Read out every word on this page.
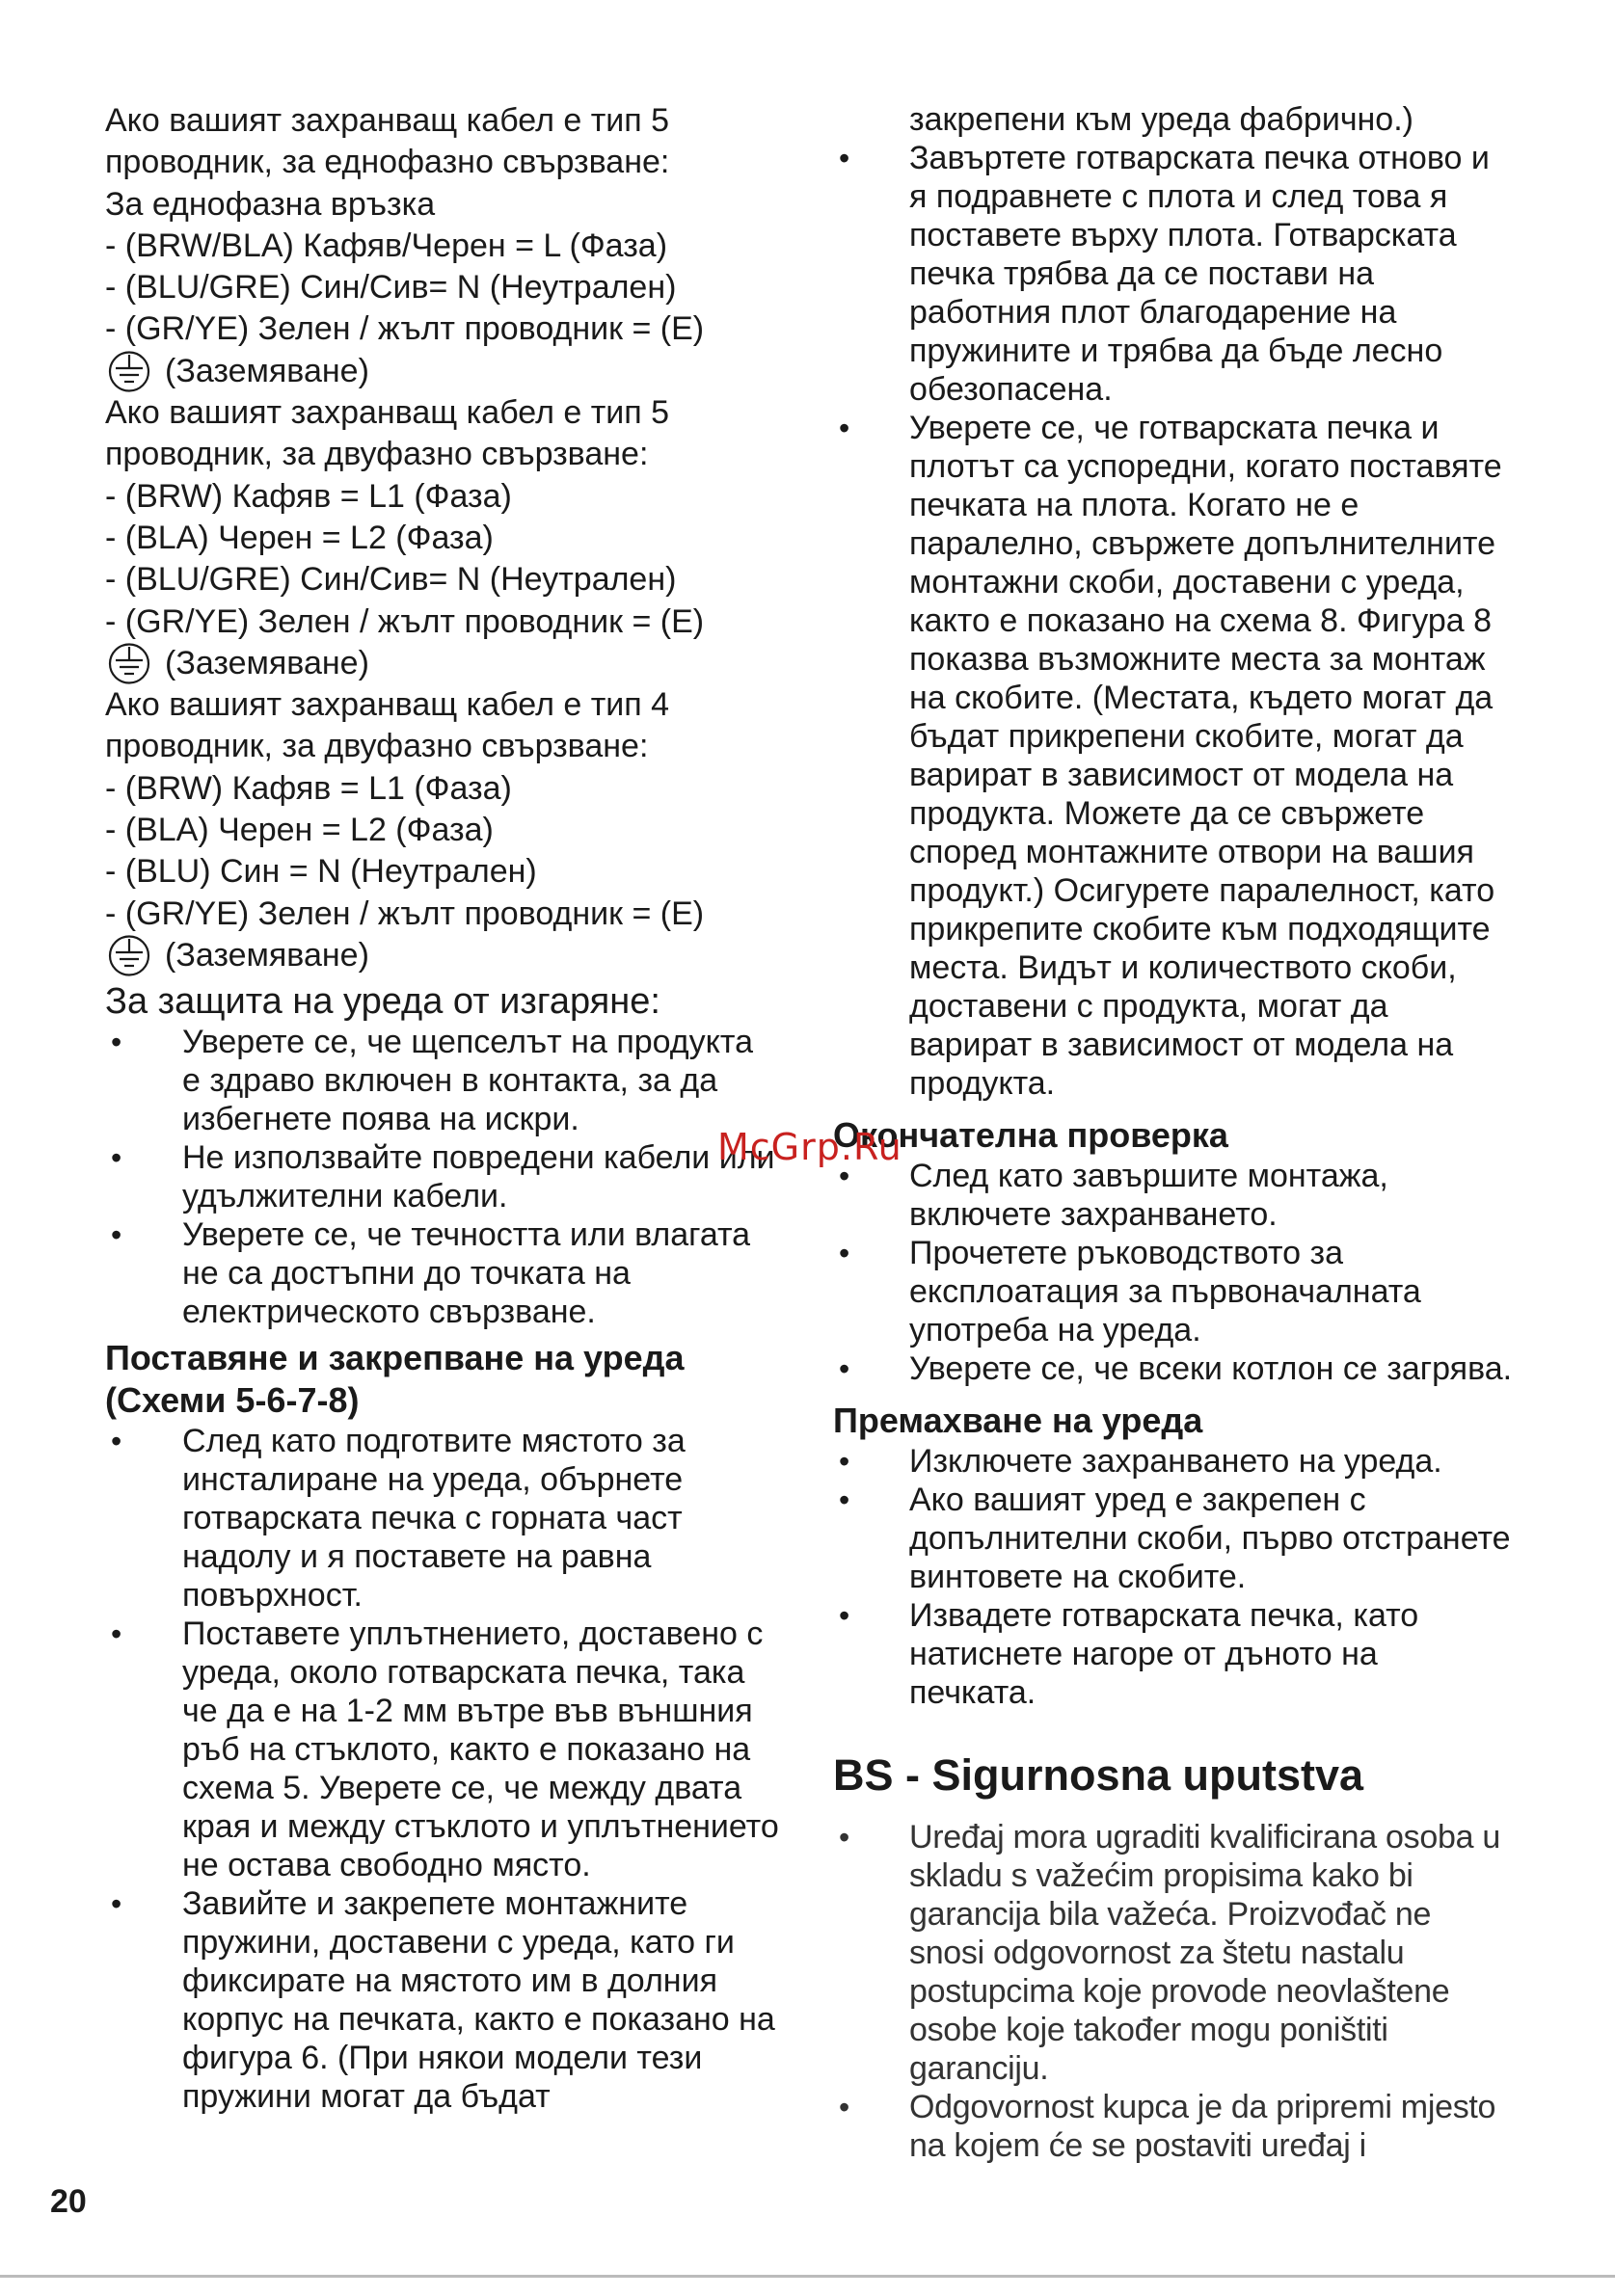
Ако вашият захранващ кабел е тип 5

проводник, за еднофазно свързване:

За еднофазна връзка

- (BRW/BLA) Кафяв/Черен = L (Фаза)

- (BLU/GRE) Син/Сив= N (Неутрален)

- (GR/YE) Зелен / жълт проводник = (E)

(Заземяване)

Ако вашият захранващ кабел е тип 5

проводник, за двуфазно свързване:

- (BRW) Кафяв = L1 (Фаза)

- (BLA) Черен = L2 (Фаза)

- (BLU/GRE) Син/Сив= N (Неутрален)

- (GR/YE) Зелен / жълт проводник = (E)

(Заземяване)

Ако вашият захранващ кабел е тип 4

проводник, за двуфазно свързване:

- (BRW) Кафяв = L1 (Фаза)

- (BLA) Черен = L2 (Фаза)

- (BLU) Син = N (Неутрален)

- (GR/YE) Зелен / жълт проводник = (E)

(Заземяване)
За защита на уреда от изгаряне:
• Уверете се, че щепселът на продукта е здраво включен в контакта, за да избегнете поява на искри.
• Не използвайте повредени кабели или удължителни кабели.
• Уверете се, че течността или влагата не са достъпни до точката на електрическото свързване.
Поставяне и закрепване на уреда (Схеми 5-6-7-8)
• След като подготвите мястото за инсталиране на уреда, обърнете готварската печка с горната част надолу и я поставете на равна повърхност.
• Поставете уплътнението, доставено с уреда, около готварската печка, така че да е на 1-2 мм вътре във външния ръб на стъклото, както е показано на схема 5. Уверете се, че между двата края и между стъклото и уплътнението не остава свободно място.
• Завийте и закрепете монтажните пружини, доставени с уреда, като ги фиксирате на мястото им в долния корпус на печката, както е показано на фигура 6. (При някои модели тези пружини могат да бъдат

закрепени към уреда фабрично.)

• Завъртете готварската печка отново и я подравнете с плота и след това я поставете върху плота. Готварската печка трябва да се постави на работния плот благодарение на пружините и трябва да бъде лесно обезопасена.
• Уверете се, че готварската печка и плотът са успоредни, когато поставяте печката на плота. Когато не е паралелно, свържете допълнителните монтажни скоби, доставени с уреда, както е показано на схема 8. Фигура 8 показва възможните места за монтаж на скобите. (Местата, където могат да бъдат прикрепени скобите, могат да варират в зависимост от модела на продукта. Можете да се свържете според монтажните отвори на вашия продукт.) Осигурете паралелност, като прикрепите скобите към подходящите места. Видът и количеството скоби, доставени с продукта, могат да варират в зависимост от модела на продукта.
Окончателна проверка
• След като завършите монтажа, включете захранването.
• Прочетете ръководството за експлоатация за първоначалната употреба на уреда.
• Уверете се, че всеки котлон се загрява.
Премахване на уреда
• Изключете захранването на уреда.
• Ако вашият уред е закрепен с допълнителни скоби, първо отстранете винтовете на скобите.
• Извадете готварската печка, като натиснете нагоре от дъното на печката.
BS - Sigurnosna uputstva
• Uređaj mora ugraditi kvalificirana osoba u skladu s važećim propisima kako bi garancija bila važeća. Proizvođač ne snosi odgovornost za štetu nastalu postupcima koje provode neovlaštene osobe koje također mogu poništiti garanciju.
• Odgovornost kupca je da pripremi mjesto na kojem će se postaviti uređaj i
McGrp.Ru
20
